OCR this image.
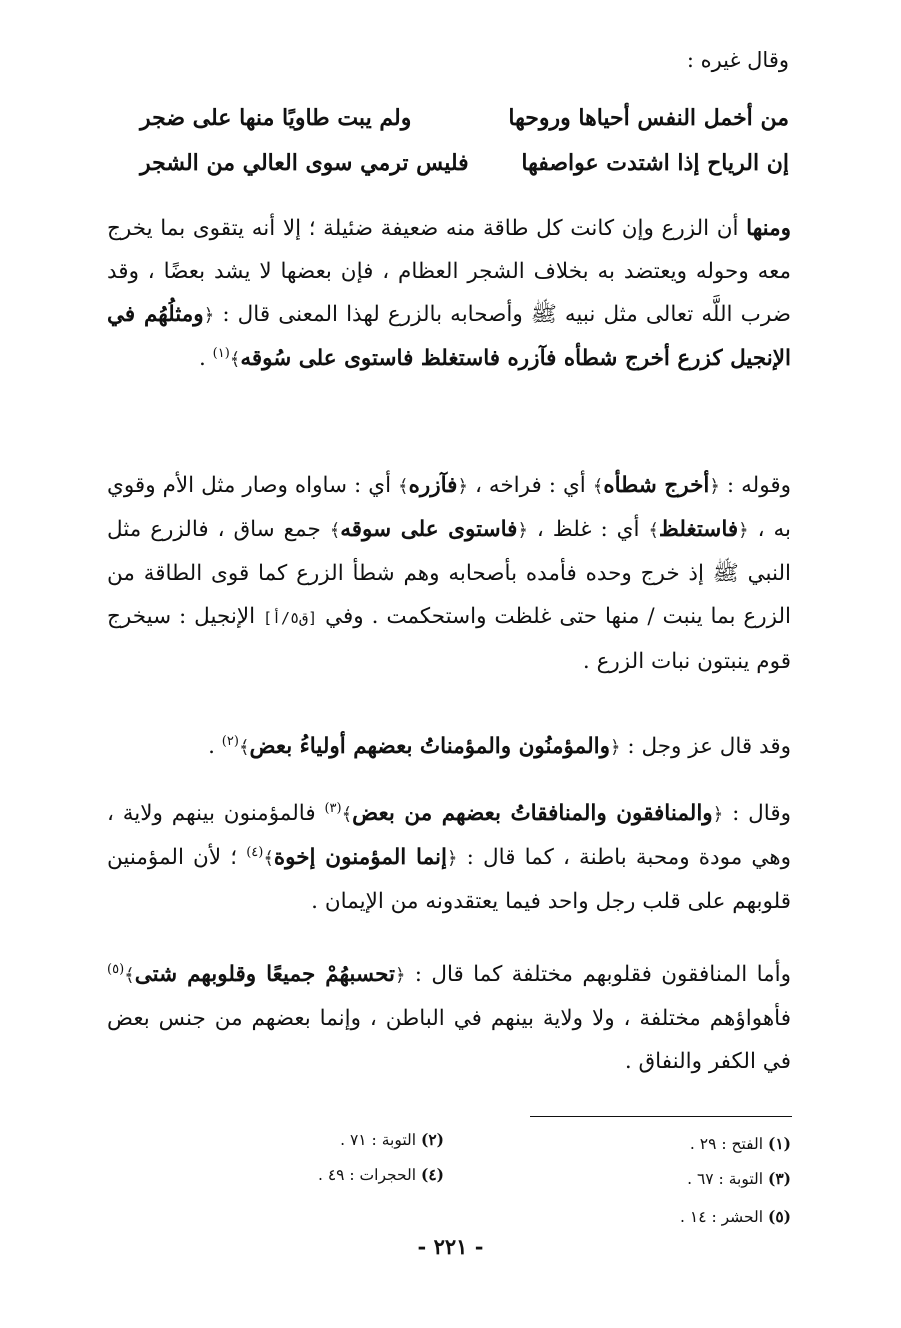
وقال غيره :
من أخمل النفس أحياها وروحها
ولم يبت طاويًا منها على ضجر
إن الرياح إذا اشتدت عواصفها
فليس ترمي سوى العالي من الشجر

ومنها أن الزرع وإن كانت كل طاقة منه ضعيفة ضئيلة ؛ إلا أنه يتقوى بما يخرج معه وحوله ويعتضد به بخلاف الشجر العظام ، فإن بعضها لا يشد بعضًا ، وقد ضرب اللَّه تعالى مثل نبيه ﷺ وأصحابه بالزرع لهذا المعنى قال : ﴿ومثلُهُم في الإنجيل كزرع أخرج شطأه فآزره فاستغلظ فاستوى على سُوقه﴾$^{(١)}$ .

وقوله : ﴿أخرج شطأه﴾ أي : فراخه ، ﴿فآزره﴾ أي : ساواه وصار مثل الأم وقوي به ، ﴿فاستغلظ﴾ أي : غلظ ، ﴿فاستوى على سوقه﴾ جمع ساق ، فالزرع مثل النبي ﷺ إذ خرج وحده فأمده بأصحابه وهم شطأ الزرع كما قوى الطاقة من الزرع بما ينبت / منها حتى غلظت واستحكمت . وفي [ق٥/أ] الإنجيل : سيخرج قوم ينبتون نبات الزرع .

وقد قال عز وجل : ﴿والمؤمنُون والمؤمناتُ بعضهم أولياءُ بعض﴾$^{(٢)}$ .

وقال : ﴿والمنافقون والمنافقاتُ بعضهم من بعض﴾$^{(٣)}$ فالمؤمنون بينهم ولاية ، وهي مودة ومحبة باطنة ، كما قال : ﴿إنما المؤمنون إخوة﴾$^{(٤)}$ ؛ لأن المؤمنين قلوبهم على قلب رجل واحد فيما يعتقدونه من الإيمان .

وأما المنافقون فقلوبهم مختلفة كما قال : ﴿تحسبهُمْ جميعًا وقلوبهم شتى﴾$^{(٥)}$ فأهواؤهم مختلفة ، ولا ولاية بينهم في الباطن ، وإنما بعضهم من جنس بعض في الكفر والنفاق .

(١) الفتح : ٢٩ .
(٢) التوبة : ٧١ .
(٣) التوبة : ٦٧ .
(٤) الحجرات : ٤٩ .
(٥) الحشر : ١٤ .
- ٢٢١ -
